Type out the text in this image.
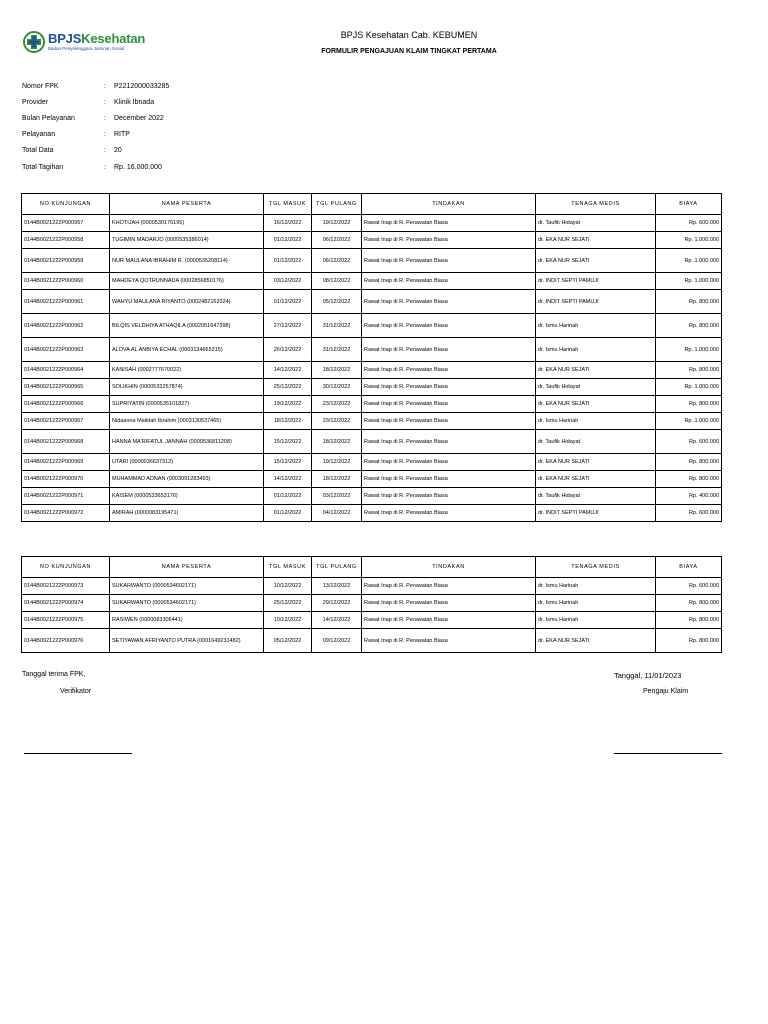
BPJSKesehatan
Badan Penyelenggara Jaminan Sosial
BPJS Kesehatan Cab. KEBUMEN
FORMULIR PENGAJUAN KLAIM TINGKAT PERTAMA
Nomor FPK	:	P2212000033285
Provider	:	Klinik Ibnada
Bulan Pelayanan	:	December 2022
Pelayanan	:	RITP
Total Data	:	20
Total Tagihan	:	Rp. 16.000.000
NO KUNJUNGAN	NAMA PESERTA	TGL MASUK	TGL PULANG	TINDAKAN	TENAGA MEDIS	BIAYA
0144B0021222P000957	KHOTIJAH (0000530176195)	16/12/2022	19/12/2022	Rawat Inap di R. Perawatan Biasa	dr. Taufik Hidayat	Rp. 600.000
0144B0021222P000958	TUGIMIN MADARJO (0000535386014)	01/12/2022	06/12/2022	Rawat Inap di R. Perawatan Biasa	dr. EKA NUR SEJATI	Rp. 1.000.000
0144B0021222P000959	NUR MAULANA IBRAHIM R. (0000535208114)	01/12/2022	06/12/2022	Rawat Inap di R. Perawatan Biasa	dr. EKA NUR SEJATI	Rp. 1.000.000
0144B0021222P000960	MAHDEYA QOTRUNNADA (0002856850176)	03/12/2022	08/12/2022	Rawat Inap di R. Perawatan Biasa	dr. INDIT SEPTI PAMUJI	Rp. 1.000.000
0144B0021222P000961	WAHYU MAULANA RIYANTO (0002482163324)	01/12/2022	05/12/2022	Rawat Inap di R. Perawatan Biasa	dr. INDIT SEPTI PAMUJI	Rp. 800.000
0144B0021222P000962	BILQIS VELDHIYA ATHAQILA (0002051647398)	27/12/2022	31/12/2022	Rawat Inap di R. Perawatan Biasa	dr. Ismu Harinah	Rp. 800.000
0144B0021222P000963	ALOVA AL ANBIYA ECHAL (0003134665315)	26/12/2022	31/12/2022	Rawat Inap di R. Perawatan Biasa	dr. Ismu Harinah	Rp. 1.000.000
0144B0021222P000964	KANISAH (0002777670022)	14/12/2022	18/12/2022	Rawat Inap di R. Perawatan Biasa	dr. EKA NUR SEJATI	Rp. 800.000
0144B0021222P000965	SOLIKHIN (0000533257874)	25/12/2022	30/12/2022	Rawat Inap di R. Perawatan Biasa	dr. Taufik Hidayat	Rp. 1.000.000
0144B0021222P000966	SUPRIYATIN (0000535101827)	19/12/2022	23/12/2022	Rawat Inap di R. Perawatan Biasa	dr. EKA NUR SEJATI	Rp. 800.000
0144B0021222P000967	Nidaanna Malidah Ibrahim (0003130537465)	18/12/2022	23/12/2022	Rawat Inap di R. Perawatan Biasa	dr. Ismu Harinah	Rp. 1.000.000
0144B0021222P000968	HANNA MA'RIFATUL JANNAH (0000536811208)	15/12/2022	18/12/2022	Rawat Inap di R. Perawatan Biasa	dr. Taufik Hidayat	Rp. 600.000
0144B0021222P000969	UTARI (0000036637312)	15/12/2022	19/12/2022	Rawat Inap di R. Perawatan Biasa	dr. EKA NUR SEJATI	Rp. 800.000
0144B0021222P000970	MUHAMMAD ADNAN (0003091283493)	14/12/2022	18/12/2022	Rawat Inap di R. Perawatan Biasa	dr. EKA NUR SEJATI	Rp. 800.000
0144B0021222P000971	KAISEM (0000533653176)	01/12/2022	03/12/2022	Rawat Inap di R. Perawatan Biasa	dr. Taufik Hidayat	Rp. 400.000
0144B0021222P000972	AMIRAH (0000083195471)	01/12/2022	04/12/2022	Rawat Inap di R. Perawatan Biasa	dr. INDIT SEPTI PAMUJI	Rp. 600.000
NO KUNJUNGAN	NAMA PESERTA	TGL MASUK	TGL PULANG	TINDAKAN	TENAGA MEDIS	BIAYA
0144B0021222P000973	SUKARWANTO (0000534602171)	10/12/2022	13/12/2022	Rawat Inap di R. Perawatan Biasa	dr. Ismu Harinah	Rp. 600.000
0144B0021222P000974	SUKARWANTO (0000534602171)	25/12/2022	29/12/2022	Rawat Inap di R. Perawatan Biasa	dr. Ismu Harinah	Rp. 800.000
0144B0021222P000975	RASIWEN (0000083306441)	10/12/2022	14/12/2022	Rawat Inap di R. Perawatan Biasa	dr. Ismu Harinah	Rp. 800.000
0144B0021222P000976	SETIYAWAN AFRIYANTO PUTRA (0001649231482)	05/12/2022	09/12/2022	Rawat Inap di R. Perawatan Biasa	dr. EKA NUR SEJATI	Rp. 800.000
Tanggal terima FPK,
Verifikator
Tanggal, 11/01/2023
Pengaju Klaim
